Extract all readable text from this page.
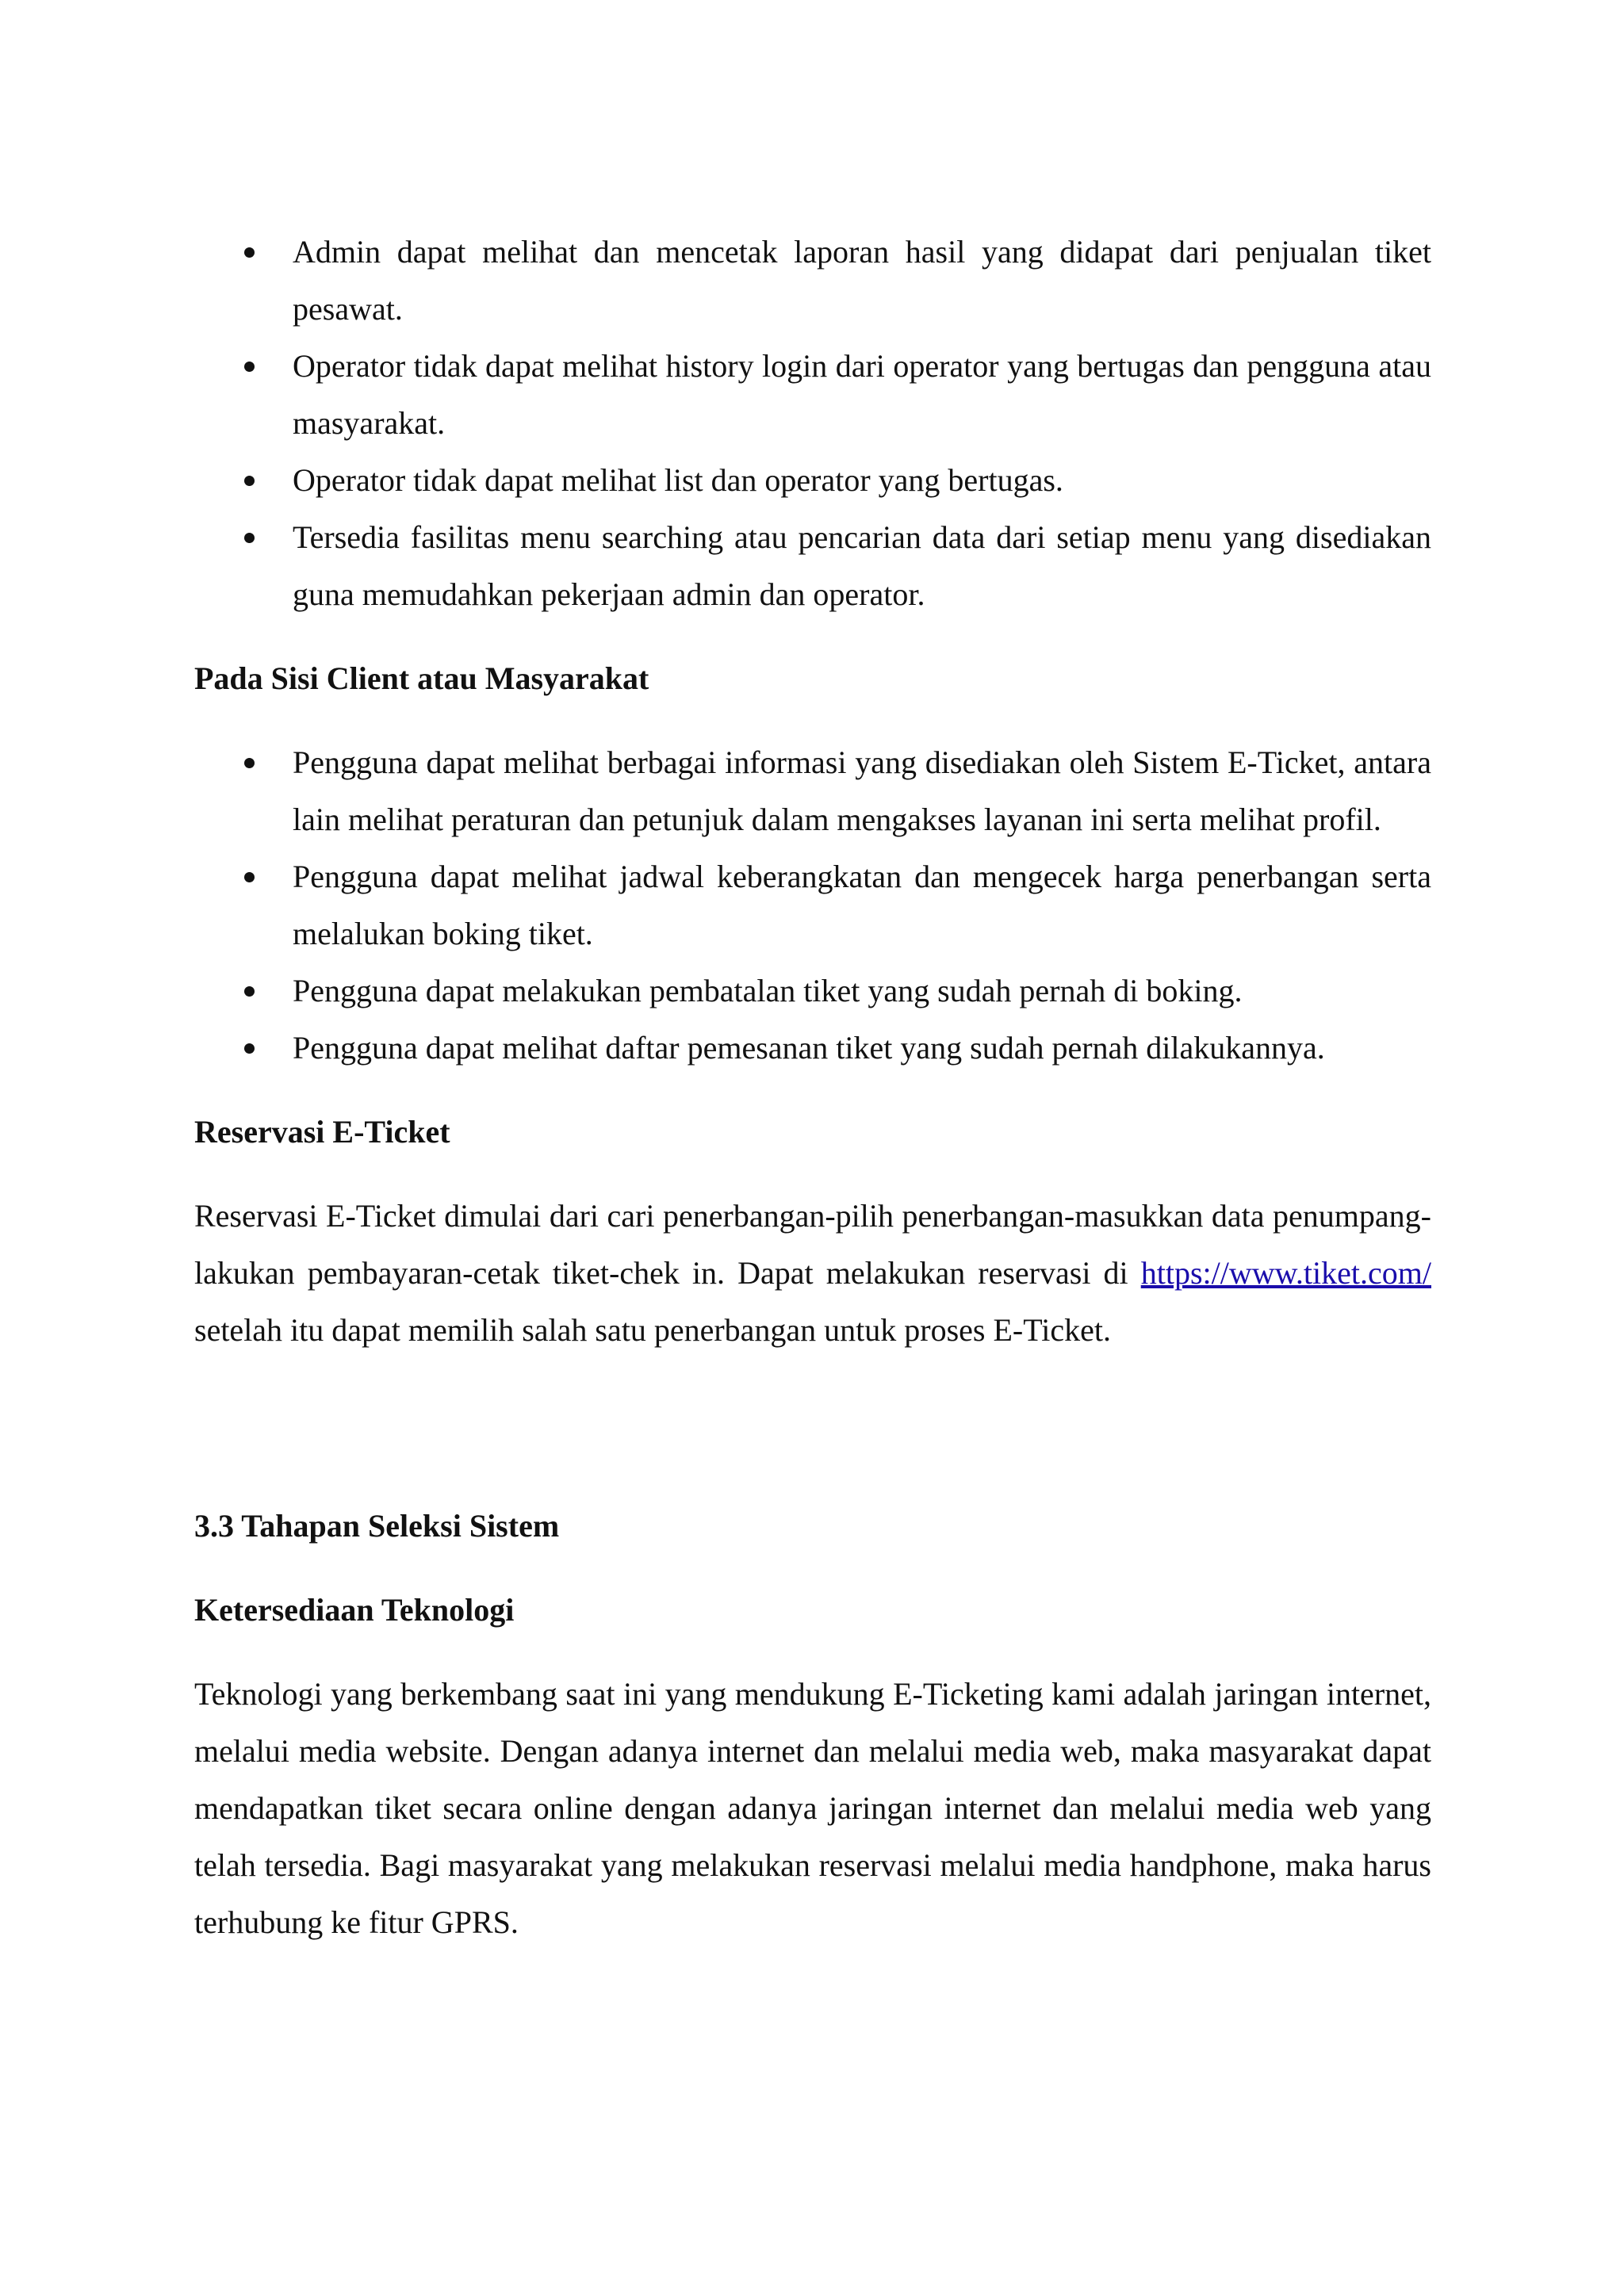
Admin dapat melihat dan mencetak laporan hasil yang didapat dari penjualan tiket pesawat.
Operator tidak dapat melihat history login dari operator yang bertugas dan pengguna atau masyarakat.
Operator tidak dapat melihat list dan operator yang bertugas.
Tersedia fasilitas menu searching atau pencarian data dari setiap menu yang disediakan guna memudahkan pekerjaan admin dan operator.

Pada Sisi Client atau Masyarakat

Pengguna dapat melihat berbagai informasi yang disediakan oleh Sistem E-Ticket, antara lain melihat peraturan dan petunjuk dalam mengakses layanan ini serta melihat profil.
Pengguna dapat melihat jadwal keberangkatan dan mengecek harga penerbangan serta melalukan boking tiket.
Pengguna dapat melakukan pembatalan tiket yang sudah pernah di boking.
Pengguna dapat melihat daftar pemesanan tiket yang sudah pernah dilakukannya.

Reservasi E-Ticket

Reservasi E-Ticket dimulai dari cari penerbangan-pilih penerbangan-masukkan data penumpang-lakukan pembayaran-cetak tiket-chek in. Dapat melakukan reservasi di https://www.tiket.com/ setelah itu dapat memilih salah satu penerbangan untuk proses E-Ticket.

3.3 Tahapan Seleksi Sistem

Ketersediaan Teknologi

Teknologi yang berkembang saat ini yang mendukung E-Ticketing kami adalah jaringan internet, melalui media website. Dengan adanya internet dan melalui media web, maka masyarakat dapat mendapatkan tiket secara online dengan adanya jaringan internet dan melalui media web yang telah tersedia. Bagi masyarakat yang melakukan reservasi melalui media handphone, maka harus terhubung ke fitur GPRS.
